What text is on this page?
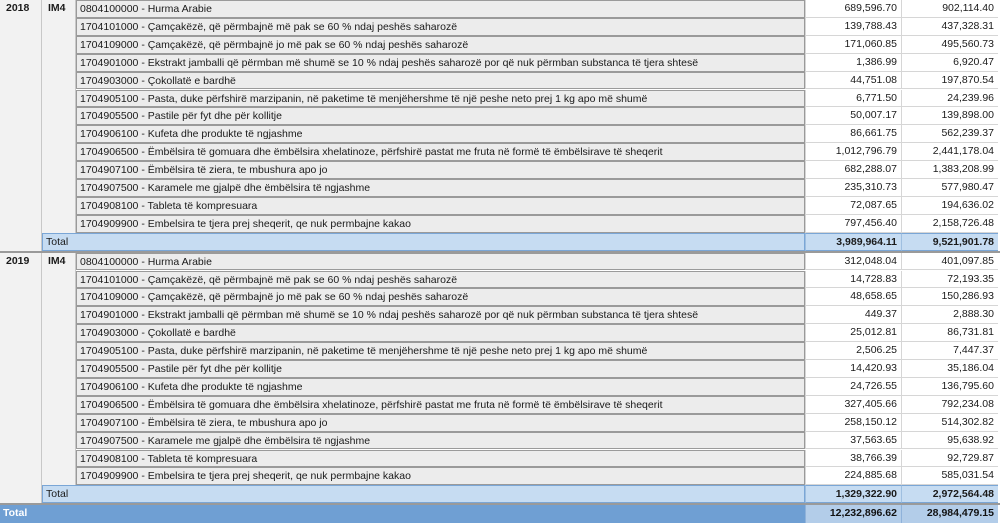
2018	IM4	0804100000 - Hurma Arabie	689,596.70	902,114.40
1704101000 - Çamçakëzë, që përmbajnë më pak se 60 % ndaj peshës saharozë	139,788.43	437,328.31
1704109000 - Çamçakëzë, që përmbajnë jo më pak se 60 % ndaj peshës saharozë	171,060.85	495,560.73
1704901000 - Ekstrakt jamballi që përmban më shumë se 10 % ndaj peshës saharozë por që nuk përmban substanca të tjera shtesë	1,386.99	6,920.47
1704903000 - Çokollatë e bardhë	44,751.08	197,870.54
1704905100 - Pasta, duke përfshirë marzipanin, në paketime të menjëhershme të një peshe neto prej 1 kg apo më shumë	6,771.50	24,239.96
1704905500 - Pastile për fyt dhe për kollitje	50,007.17	139,898.00
1704906100 - Kufeta dhe produkte të ngjashme	86,661.75	562,239.37
1704906500 - Ëmbëlsira të gomuara dhe ëmbëlsira xhelatinoze, përfshirë pastat me fruta në formë të ëmbëlsirave të sheqerit	1,012,796.79	2,441,178.04
1704907100 - Ëmbëlsira të ziera, te mbushura apo jo	682,288.07	1,383,208.99
1704907500 - Karamele me gjalpë dhe ëmbëlsira të ngjashme	235,310.73	577,980.47
1704908100 - Tableta të kompresuara	72,087.65	194,636.02
1704909900 - Embelsira te tjera prej sheqerit, qe nuk permbajne kakao	797,456.40	2,158,726.48
Total	3,989,964.11	9,521,901.78
2019	IM4	0804100000 - Hurma Arabie	312,048.04	401,097.85
1704101000 - Çamçakëzë, që përmbajnë më pak se 60 % ndaj peshës saharozë	14,728.83	72,193.35
1704109000 - Çamçakëzë, që përmbajnë jo më pak se 60 % ndaj peshës saharozë	48,658.65	150,286.93
1704901000 - Ekstrakt jamballi që përmban më shumë se 10 % ndaj peshës saharozë por që nuk përmban substanca të tjera shtesë	449.37	2,888.30
1704903000 - Çokollatë e bardhë	25,012.81	86,731.81
1704905100 - Pasta, duke përfshirë marzipanin, në paketime të menjëhershme të një peshe neto prej 1 kg apo më shumë	2,506.25	7,447.37
1704905500 - Pastile për fyt dhe për kollitje	14,420.93	35,186.04
1704906100 - Kufeta dhe produkte të ngjashme	24,726.55	136,795.60
1704906500 - Ëmbëlsira të gomuara dhe ëmbëlsira xhelatinoze, përfshirë pastat me fruta në formë të ëmbëlsirave të sheqerit	327,405.66	792,234.08
1704907100 - Ëmbëlsira të ziera, te mbushura apo jo	258,150.12	514,302.82
1704907500 - Karamele me gjalpë dhe ëmbëlsira të ngjashme	37,563.65	95,638.92
1704908100 - Tableta të kompresuara	38,766.39	92,729.87
1704909900 - Embelsira te tjera prej sheqerit, qe nuk permbajne kakao	224,885.68	585,031.54
Total	1,329,322.90	2,972,564.48
Total	12,232,896.62	28,984,479.15
